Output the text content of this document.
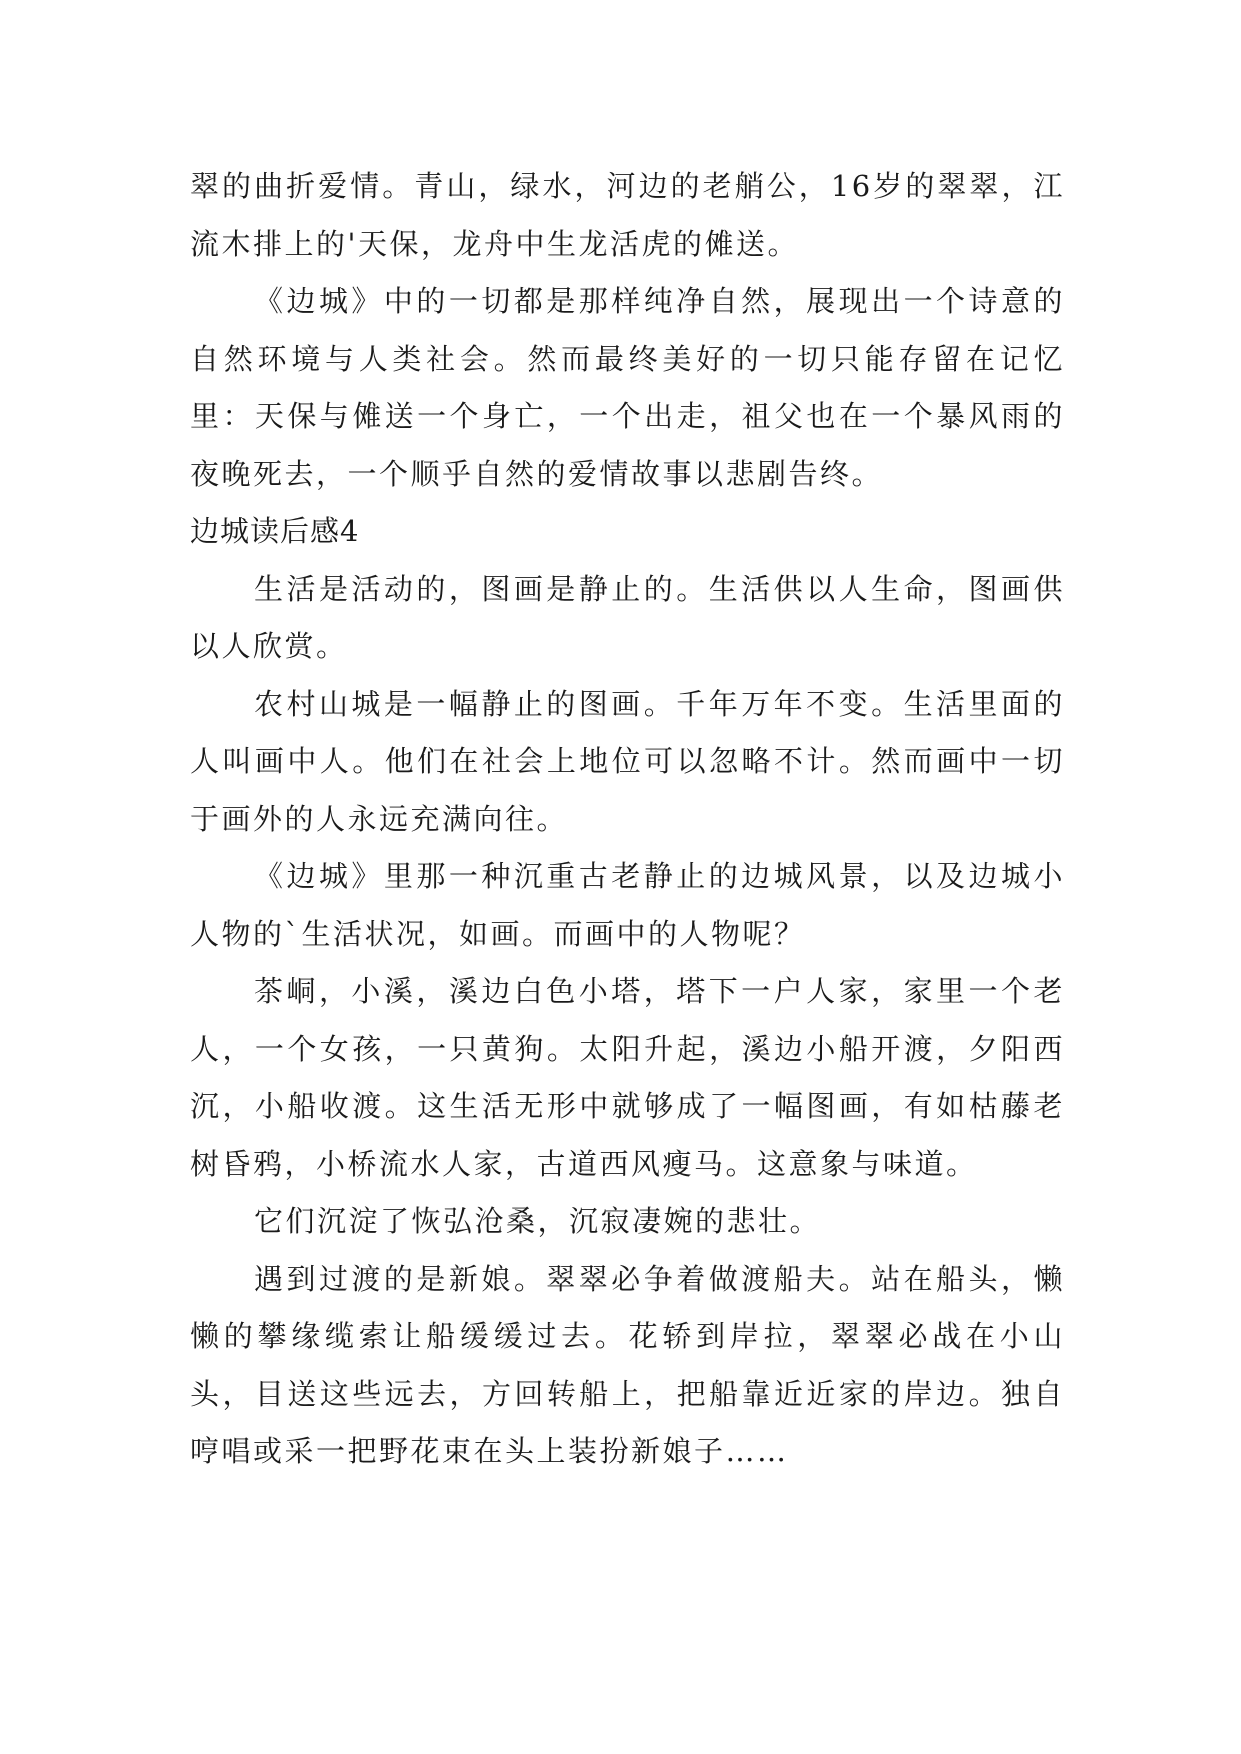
翠的曲折爱情。青山，绿水，河边的老艄公，16岁的翠翠，江流木排上的'天保，龙舟中生龙活虎的傩送。

《边城》中的一切都是那样纯净自然，展现出一个诗意的自然环境与人类社会。然而最终美好的一切只能存留在记忆里：天保与傩送一个身亡，一个出走，祖父也在一个暴风雨的夜晚死去，一个顺乎自然的爱情故事以悲剧告终。

边城读后感4

生活是活动的，图画是静止的。生活供以人生命，图画供以人欣赏。

农村山城是一幅静止的图画。千年万年不变。生活里面的人叫画中人。他们在社会上地位可以忽略不计。然而画中一切于画外的人永远充满向往。

《边城》里那一种沉重古老静止的边城风景，以及边城小人物的`生活状况，如画。而画中的人物呢？

茶峒，小溪，溪边白色小塔，塔下一户人家，家里一个老人，一个女孩，一只黄狗。太阳升起，溪边小船开渡，夕阳西沉，小船收渡。这生活无形中就够成了一幅图画，有如枯藤老树昏鸦，小桥流水人家，古道西风瘦马。这意象与味道。

它们沉淀了恢弘沧桑，沉寂凄婉的悲壮。

遇到过渡的是新娘。翠翠必争着做渡船夫。站在船头，懒懒的攀缘缆索让船缓缓过去。花轿到岸拉，翠翠必战在小山头，目送这些远去，方回转船上，把船靠近近家的岸边。独自哼唱或采一把野花束在头上装扮新娘子……
